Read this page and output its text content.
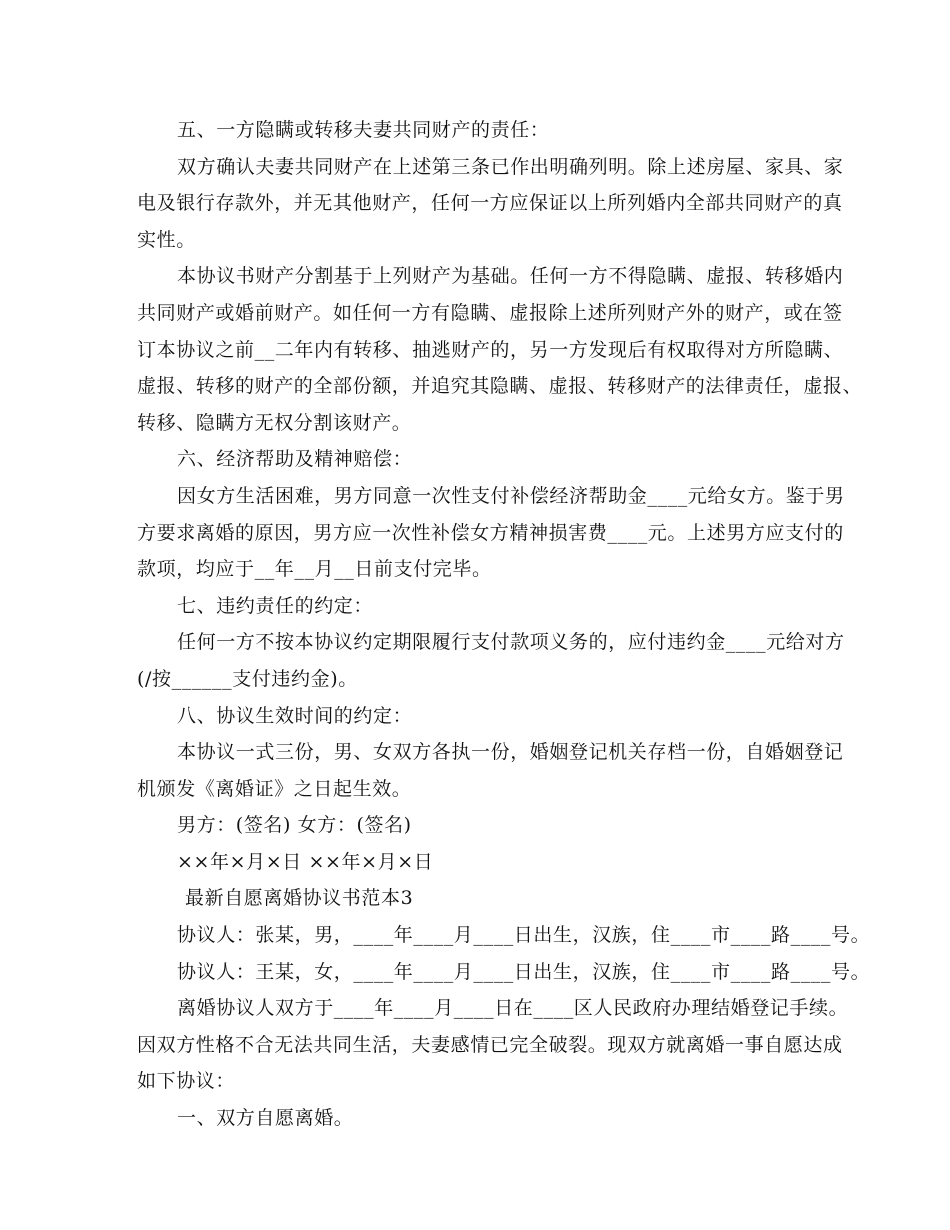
五、一方隐瞒或转移夫妻共同财产的责任：
双方确认夫妻共同财产在上述第三条已作出明确列明。除上述房屋、家具、家
电及银行存款外，并无其他财产，任何一方应保证以上所列婚内全部共同财产的真
实性。
本协议书财产分割基于上列财产为基础。任何一方不得隐瞒、虚报、转移婚内
共同财产或婚前财产。如任何一方有隐瞒、虚报除上述所列财产外的财产，或在签
订本协议之前__二年内有转移、抽逃财产的，另一方发现后有权取得对方所隐瞒、
虚报、转移的财产的全部份额，并追究其隐瞒、虚报、转移财产的法律责任，虚报、
转移、隐瞒方无权分割该财产。
六、经济帮助及精神赔偿：
因女方生活困难，男方同意一次性支付补偿经济帮助金____元给女方。鉴于男
方要求离婚的原因，男方应一次性补偿女方精神损害费____元。上述男方应支付的
款项，均应于__年__月__日前支付完毕。
七、违约责任的约定：
任何一方不按本协议约定期限履行支付款项义务的，应付违约金____元给对方
(/按______支付违约金)。
八、协议生效时间的约定：
本协议一式三份，男、女双方各执一份，婚姻登记机关存档一份，自婚姻登记
机颁发《离婚证》之日起生效。
男方：(签名) 女方：(签名)
××年×月×日 ××年×月×日
最新自愿离婚协议书范本3
协议人：张某，男，____年____月____日出生，汉族，住____市____路____号。
协议人：王某，女，____年____月____日出生，汉族，住____市____路____号。
离婚协议人双方于____年____月____日在____区人民政府办理结婚登记手续。
因双方性格不合无法共同生活，夫妻感情已完全破裂。现双方就离婚一事自愿达成
如下协议：
一、双方自愿离婚。
